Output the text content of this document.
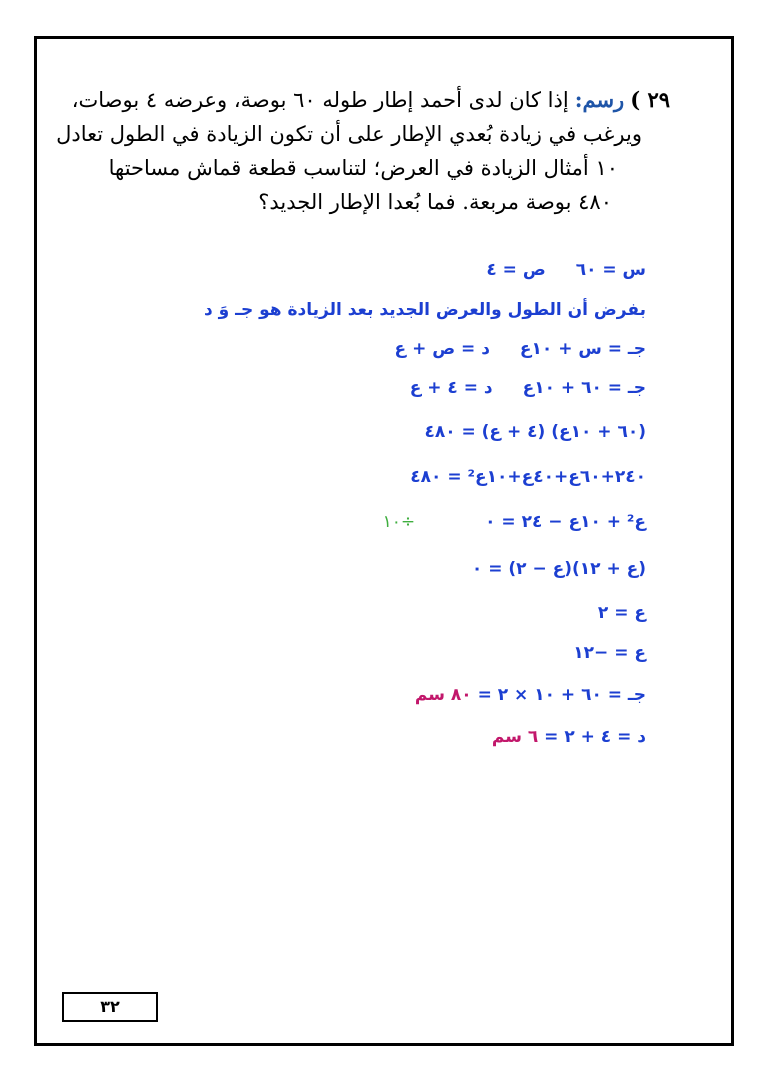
٢٩ )رسم:إذا كان لدى أحمد إطار طوله ٦٠ بوصة، وعرضه ٤ بوصات،
ويرغب في زيادة بُعدي الإطار على أن تكون الزيادة في الطول تعادل
١٠ أمثال الزيادة في العرض؛ لتناسب قطعة قماش مساحتها
٤٨٠ بوصة مربعة. فما بُعدا الإطار الجديد؟
س = ٦٠ص = ٤
بفرض أن الطول والعرض الجديد بعد الزيادة هو جـ وَ د
جـ = س + ١٠عد = ص + ع
جـ = ٦٠ + ١٠عد = ٤ + ع
(٦٠ + ١٠ع) (٤ + ع) = ٤٨٠
٢٤٠+٦٠ع+٤٠ع+١٠ع² = ٤٨٠
ع² + ١٠ع − ٢٤ = ٠÷١٠
(ع + ١٢)(ع − ٢) = ٠
ع = ٢
ع = −١٢
جـ = ٦٠ + ١٠ × ٢ = ٨٠ سم
د = ٤ + ٢ = ٦ سم
٣٢
